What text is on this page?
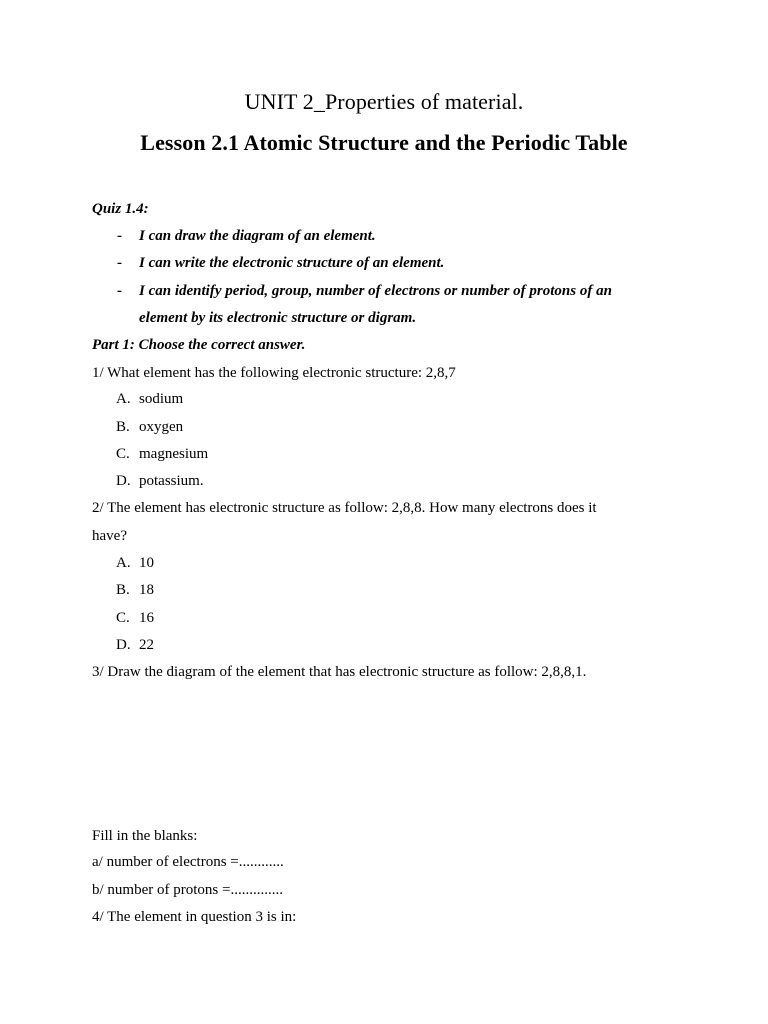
UNIT 2_Properties of material.
Lesson 2.1 Atomic Structure and the Periodic Table
Quiz 1.4:
- I can draw the diagram of an element.
- I can write the electronic structure of an element.
- I can identify period, group, number of electrons or number of protons of an
element by its electronic structure or digram.
Part 1: Choose the correct answer.
1/ What element has the following electronic structure: 2,8,7
A. sodium
B. oxygen
C. magnesium
D. potassium.
2/ The element has electronic structure as follow: 2,8,8. How many electrons does it
have?
A. 10
B. 18
C. 16
D. 22
3/ Draw the diagram of the element that has electronic structure as follow: 2,8,8,1.
Fill in the blanks:
a/ number of electrons =............
b/ number of protons =..............
4/ The element in question 3 is in:
